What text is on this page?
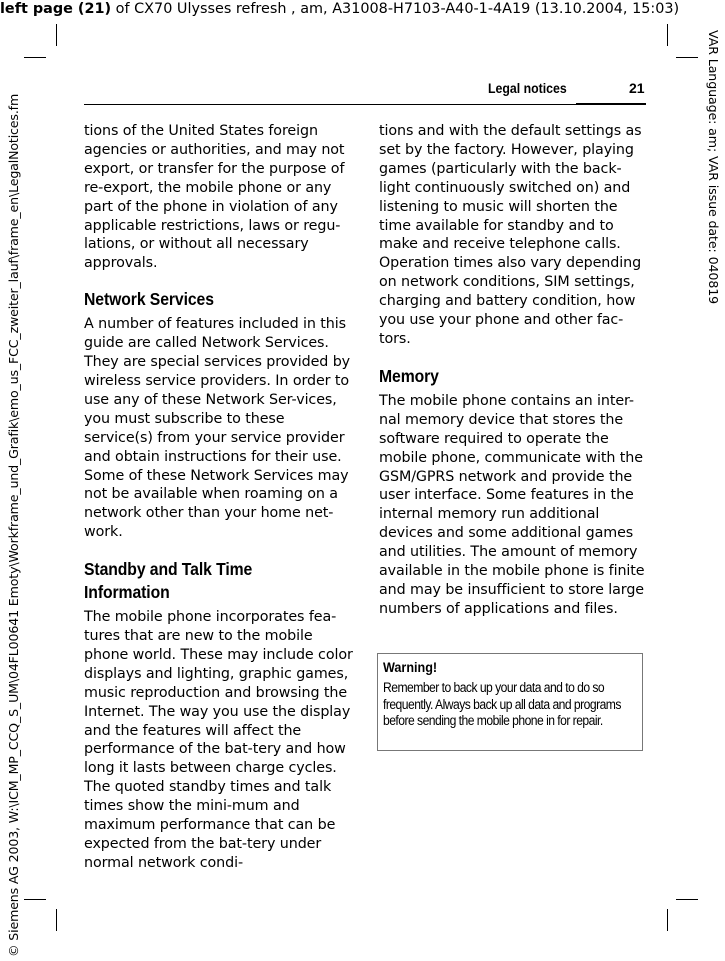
left page (21) of CX70 Ulysses refresh , am, A31008-H7103-A40-1-4A19 (13.10.2004, 15:03)
© Siemens AG 2003, W:\ICM_MP_CCQ_S_UM\04FL00641 Emoty\Workframe_und_Grafik\emo_us_FCC_zweiter_lauf\frame_en\LegalNotices.fm	VAR Language: am; VAR issue date: 040819
Legal notices	21

tions of the United States foreign agencies or authorities, and may not export, or transfer for the purpose of re-export, the mobile phone or any part of the phone in violation of any applicable restrictions, laws or regu-lations, or without all necessary approvals.

Network Services

A number of features included in this guide are called Network Services. They are special services provided by wireless service providers. In order to use any of these Network Ser-vices, you must subscribe to these service(s) from your service provider and obtain instructions for their use. Some of these Network Services may not be available when roaming on a network other than your home net-work.

Standby and Talk Time Information

The mobile phone incorporates fea-tures that are new to the mobile phone world. These may include color displays and lighting, graphic games, music reproduction and browsing the Internet. The way you use the display and the features will affect the performance of the bat-tery and how long it lasts between charge cycles. The quoted standby times and talk times show the mini-mum and maximum performance that can be expected from the bat-tery under normal network condi-

tions and with the default settings as set by the factory. However, playing games (particularly with the back-light continuously switched on) and listening to music will shorten the time available for standby and to make and receive telephone calls. Operation times also vary depending on network conditions, SIM settings, charging and battery condition, how you use your phone and other fac-tors.

Memory

The mobile phone contains an inter-nal memory device that stores the software required to operate the mobile phone, communicate with the GSM/GPRS network and provide the user interface. Some features in the internal memory run additional devices and some additional games and utilities. The amount of memory available in the mobile phone is finite and may be insufficient to store large numbers of applications and files.

Warning!
Remember to back up your data and to do so frequently. Always back up all data and programs before sending the mobile phone in for repair.
